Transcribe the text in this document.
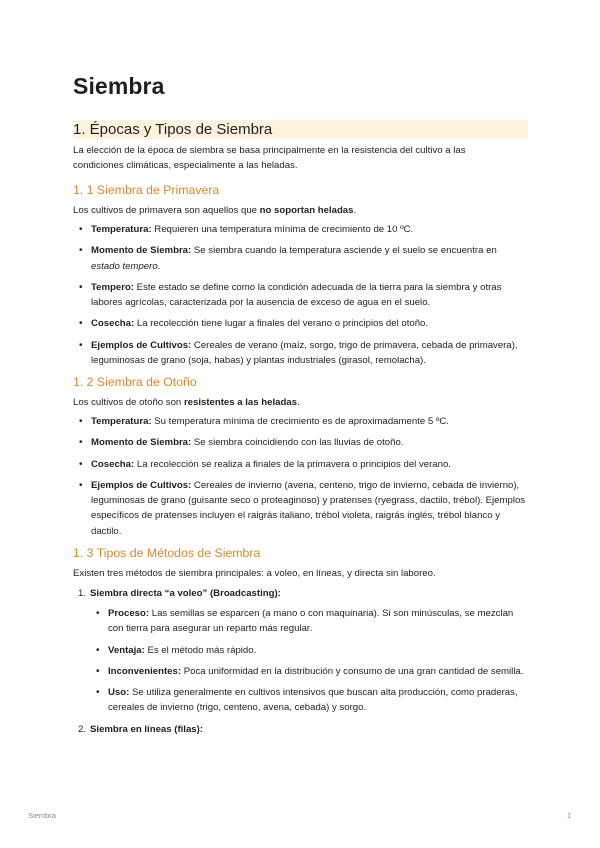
Siembra
1. Épocas y Tipos de Siembra

La elección de la época de siembra se basa principalmente en la resistencia del cultivo a las condiciones climáticas, especialmente a las heladas.

1. 1 Siembra de Primavera

Los cultivos de primavera son aquellos que no soportan heladas.

• Temperatura: Requieren una temperatura mínima de crecimiento de 10 ºC.
• Momento de Siembra: Se siembra cuando la temperatura asciende y el suelo se encuentra en estado tempero.
• Tempero: Este estado se define como la condición adecuada de la tierra para la siembra y otras labores agrícolas, caracterizada por la ausencia de exceso de agua en el suelo.
• Cosecha: La recolección tiene lugar a finales del verano o principios del otoño.
• Ejemplos de Cultivos: Cereales de verano (maíz, sorgo, trigo de primavera, cebada de primavera), leguminosas de grano (soja, habas) y plantas industriales (girasol, remolacha).
1. 2 Siembra de Otoño

Los cultivos de otoño son resistentes a las heladas.

• Temperatura: Su temperatura mínima de crecimiento es de aproximadamente 5 ºC.
• Momento de Siembra: Se siembra coincidiendo con las lluvias de otoño.
• Cosecha: La recolección se realiza a finales de la primavera o principios del verano.
• Ejemplos de Cultivos: Cereales de invierno (avena, centeno, trigo de invierno, cebada de invierno), leguminosas de grano (guisante seco o proteaginoso) y pratenses (ryegrass, dactilo, trébol). Ejemplos específicos de pratenses incluyen el raigrás italiano, trébol violeta, raigrás inglés, trébol blanco y dactilo.
1. 3 Tipos de Métodos de Siembra

Existen tres métodos de siembra principales: a voleo, en líneas, y directa sin laboreo.

1. Siembra directa “a voleo” (Broadcasting):
• Proceso: Las semillas se esparcen (a mano o con maquinaria). Si son minúsculas, se mezclan con tierra para asegurar un reparto más regular.
• Ventaja: Es el método más rápido.
• Inconvenientes: Poca uniformidad en la distribución y consumo de una gran cantidad de semilla.
• Uso: Se utiliza generalmente en cultivos intensivos que buscan alta producción, como praderas, cereales de invierno (trigo, centeno, avena, cebada) y sorgo.
2. Siembra en líneas (filas):
Siembra	1
